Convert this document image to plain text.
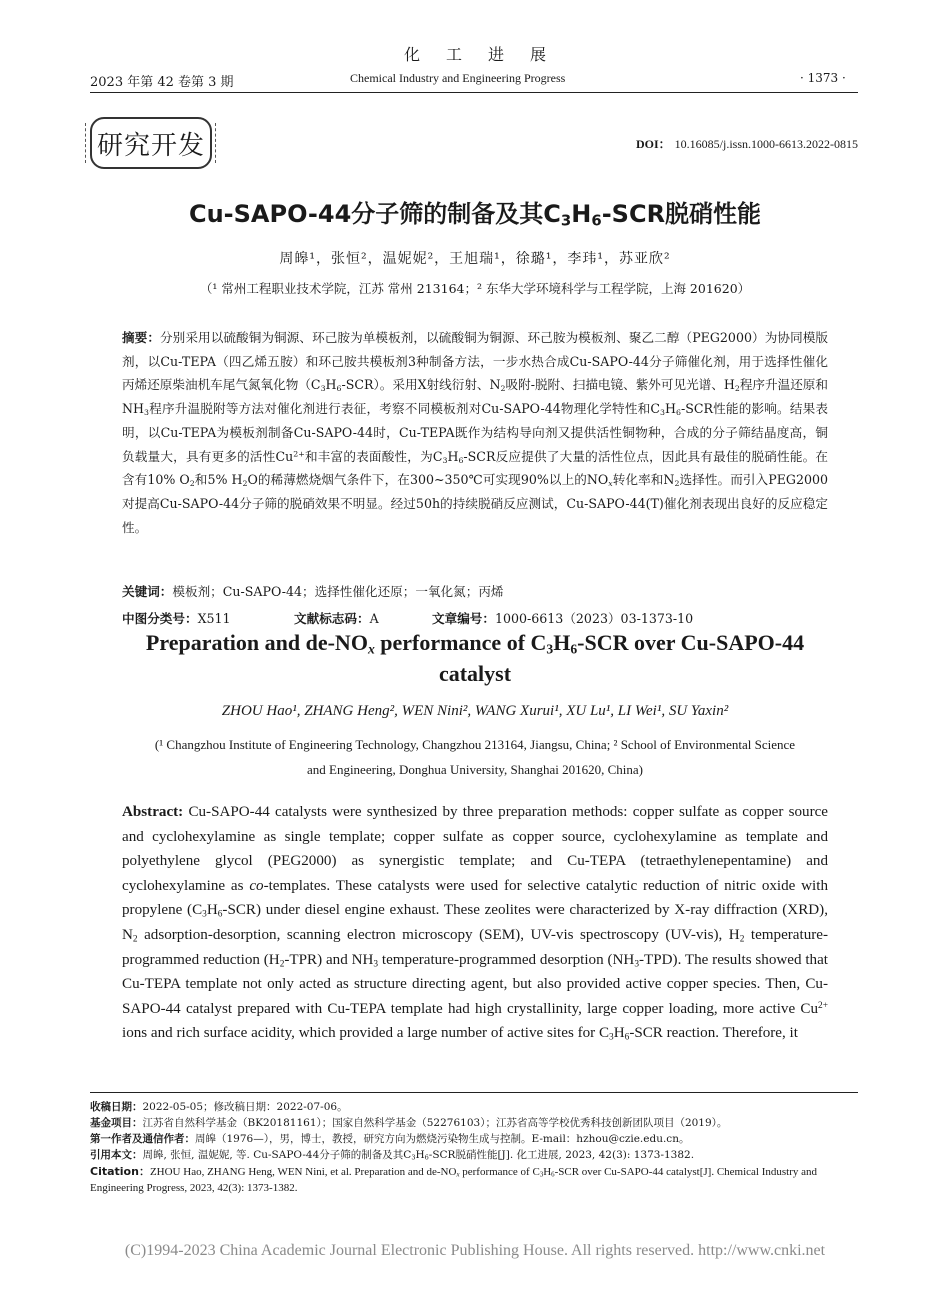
化工进展
2023 年第 42 卷第 3 期	Chemical Industry and Engineering Progress	· 1373 ·
研究开发	DOI： 10.16085/j.issn.1000-6613.2022-0815
Cu-SAPO-44分子筛的制备及其$C_3H_6$-SCR脱硝性能
周皞¹，张恒²，温妮妮²，王旭瑞¹，徐璐¹，李玮¹，苏亚欣²
（¹ 常州工程职业技术学院，江苏 常州 213164；² 东华大学环境科学与工程学院，上海 201620）
摘要：分别采用以硫酸铜为铜源、环己胺为单模板剂，以硫酸铜为铜源、环己胺为模板剂、聚乙二醇（PEG2000）为协同模版剂，以Cu-TEPA（四乙烯五胺）和环己胺共模板剂3种制备方法，一步水热合成Cu-SAPO-44分子筛催化剂，用于选择性催化丙烯还原柴油机车尾气氮氧化物$(C_3H_6-SCR)$。采用X射线衍射、$N_2$吸附-脱附、扫描电镜、紫外可见光谱、$H_2$程序升温还原和$NH_3$程序升温脱附等方法对催化剂进行表征，考察不同模板剂对Cu-SAPO-44物理化学特性和$C_3H_6$-SCR性能的影响。结果表明，以Cu-TEPA为模板剂制备Cu-SAPO-44时，Cu-TEPA既作为结构导向剂又提供活性铜物种，合成的分子筛结晶度高，铜负载量大，具有更多的活性$Cu^{2+}$和丰富的表面酸性，为$C_3H_6$-SCR反应提供了大量的活性位点，因此具有最佳的脱硝性能。在含有10% $O_2$和5% $H_2O$的稀薄燃烧烟气条件下，在300~350℃可实现90%以上的$NO_x$转化率和$N_2$选择性。而引入PEG2000对提高Cu-SAPO-44分子筛的脱硝效果不明显。经过50h的持续脱硝反应测试，Cu-SAPO-44(T)催化剂表现出良好的反应稳定性。
关键词：模板剂；Cu-SAPO-44；选择性催化还原；一氧化氮；丙烯
中图分类号：X511	文献标志码：A	文章编号：1000-6613（2023）03-1373-10
Preparation and $de-NO_x$ performance of $C_3H_6$-SCR over Cu-SAPO-44
catalyst
ZHOU Hao¹, ZHANG Heng², WEN Nini², WANG Xurui¹, XU Lu¹, LI Wei¹, SU Yaxin²
(¹ Changzhou Institute of Engineering Technology, Changzhou 213164, Jiangsu, China; ² School of Environmental Science
and Engineering, Donghua University, Shanghai 201620, China)
Abstract: Cu-SAPO-44 catalysts were synthesized by three preparation methods: copper sulfate as copper source and cyclohexylamine as single template; copper sulfate as copper source, cyclohexylamine as template and polyethylene glycol (PEG2000) as synergistic template; and Cu-TEPA (tetraethylenepentamine) and cyclohexylamine as co-templates. These catalysts were used for selective catalytic reduction of nitric oxide with propylene $(C_3H_6-SCR)$ under diesel engine exhaust. These zeolites were characterized by X-ray diffraction (XRD), $N_2$ adsorption-desorption, scanning electron microscopy (SEM), UV-vis spectroscopy (UV-vis), $H_2$ temperature-programmed reduction $(H_2-TPR)$ and $NH_3$ temperature-programmed desorption $(NH_3-TPD)$. The results showed that Cu-TEPA template not only acted as structure directing agent, but also provided active copper species. Then, Cu-SAPO-44 catalyst prepared with Cu-TEPA template had high crystallinity, large copper loading, more active $Cu^{2+}$ ions and rich surface acidity, which provided a large number of active sites for $C_3H_6$-SCR reaction. Therefore, it
收稿日期：2022-05-05；修改稿日期：2022-07-06。
基金项目：江苏省自然科学基金（BK20181161）；国家自然科学基金（52276103）；江苏省高等学校优秀科技创新团队项目（2019）。
第一作者及通信作者：周皞（1976—），男，博士，教授，研究方向为燃烧污染物生成与控制。E-mail：hzhou@czie.edu.cn。
引用本文：周皞, 张恒, 温妮妮, 等. Cu-SAPO-44分子筛的制备及其$C_3H_6$-SCR脱硝性能[J]. 化工进展, 2023, 42(3): 1373-1382.
Citation：ZHOU Hao, ZHANG Heng, WEN Nini, et al. Preparation and $de-NO_x$ performance of $C_3H_6$-SCR over Cu-SAPO-44 catalyst[J]. Chemical Industry and Engineering Progress, 2023, 42(3): 1373-1382.
(C)1994-2023 China Academic Journal Electronic Publishing House. All rights reserved. http://www.cnki.net
